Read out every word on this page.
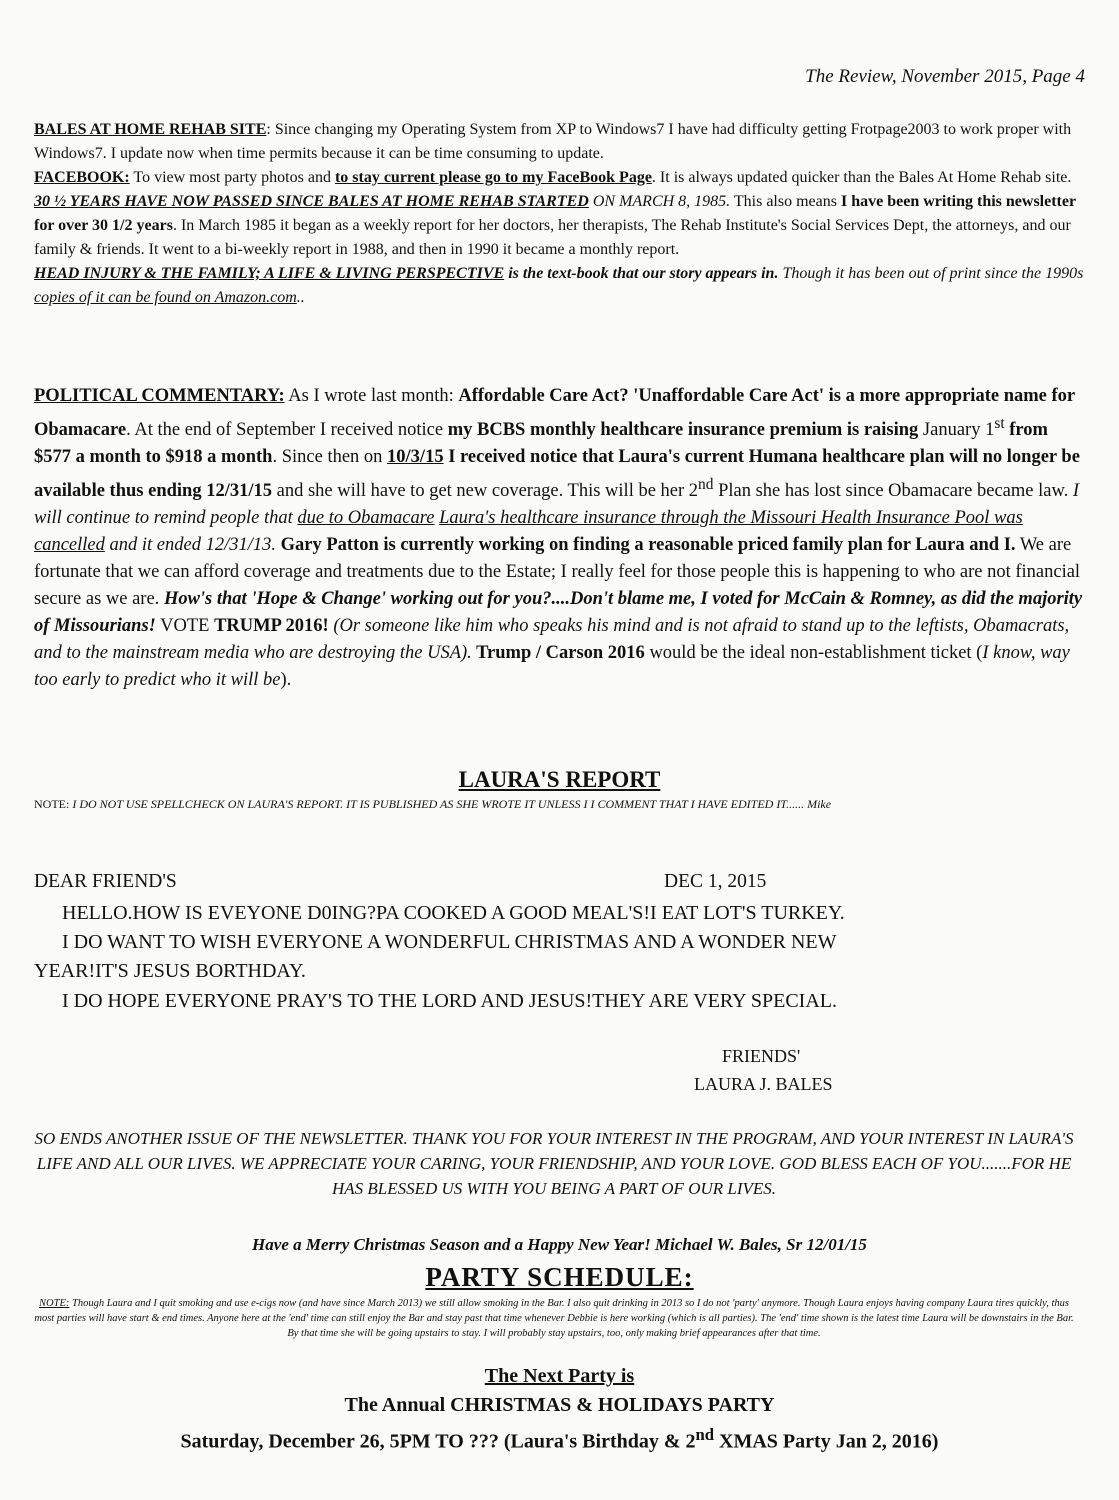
The Review, November 2015, Page 4
BALES AT HOME REHAB SITE: Since changing my Operating System from XP to Windows7 I have had difficulty getting Frotpage2003 to work proper with Windows7. I update now when time permits because it can be time consuming to update.
FACEBOOK: To view most party photos and to stay current please go to my FaceBook Page. It is always updated quicker than the Bales At Home Rehab site.
30 ½ YEARS HAVE NOW PASSED SINCE BALES AT HOME REHAB STARTED ON MARCH 8, 1985. This also means I have been writing this newsletter for over 30 1/2 years. In March 1985 it began as a weekly report for her doctors, her therapists, The Rehab Institute's Social Services Dept, the attorneys, and our family & friends. It went to a bi-weekly report in 1988, and then in 1990 it became a monthly report.
HEAD INJURY & THE FAMILY; A LIFE & LIVING PERSPECTIVE is the text-book that our story appears in. Though it has been out of print since the 1990s copies of it can be found on Amazon.com..
POLITICAL COMMENTARY: As I wrote last month: Affordable Care Act? 'Unaffordable Care Act' is a more appropriate name for Obamacare. At the end of September I received notice my BCBS monthly healthcare insurance premium is raising January 1st from $577 a month to $918 a month. Since then on 10/3/15 I received notice that Laura's current Humana healthcare plan will no longer be available thus ending 12/31/15 and she will have to get new coverage. This will be her 2nd Plan she has lost since Obamacare became law. I will continue to remind people that due to Obamacare Laura's healthcare insurance through the Missouri Health Insurance Pool was cancelled and it ended 12/31/13. Gary Patton is currently working on finding a reasonable priced family plan for Laura and I. We are fortunate that we can afford coverage and treatments due to the Estate; I really feel for those people this is happening to who are not financial secure as we are. How's that 'Hope & Change' working out for you?....Don't blame me, I voted for McCain & Romney, as did the majority of Missourians! VOTE TRUMP 2016! (Or someone like him who speaks his mind and is not afraid to stand up to the leftists, Obamacrats, and to the mainstream media who are destroying the USA). Trump / Carson 2016 would be the ideal non-establishment ticket (I know, way too early to predict who it will be).
LAURA'S REPORT
NOTE: I DO NOT USE SPELLCHECK ON LAURA'S REPORT. IT IS PUBLISHED AS SHE WROTE IT UNLESS I I COMMENT THAT I HAVE EDITED IT...... Mike
DEAR FRIEND'S	DEC 1, 2015
HELLO.HOW IS EVEYONE D0ING?PA COOKED A GOOD MEAL'S!I EAT LOT'S TURKEY.
I DO WANT TO WISH EVERYONE A WONDERFUL CHRISTMAS AND A WONDER NEW
YEAR!IT'S JESUS BORTHDAY.
I DO HOPE EVERYONE PRAY'S TO THE LORD AND JESUS!THEY ARE VERY SPECIAL.
FRIENDS'
LAURA J. BALES
SO ENDS ANOTHER ISSUE OF THE NEWSLETTER. THANK YOU FOR YOUR INTEREST IN THE PROGRAM, AND YOUR INTEREST IN LAURA'S LIFE AND ALL OUR LIVES. WE APPRECIATE YOUR CARING, YOUR FRIENDSHIP, AND YOUR LOVE. GOD BLESS EACH OF YOU.......FOR HE HAS BLESSED US WITH YOU BEING A PART OF OUR LIVES.
Have a Merry Christmas Season and a Happy New Year! Michael W. Bales, Sr 12/01/15
PARTY SCHEDULE:
NOTE: Though Laura and I quit smoking and use e-cigs now (and have since March 2013) we still allow smoking in the Bar. I also quit drinking in 2013 so I do not 'party' anymore. Though Laura enjoys having company Laura tires quickly, thus most parties will have start & end times. Anyone here at the 'end' time can still enjoy the Bar and stay past that time whenever Debbie is here working (which is all parties). The 'end' time shown is the latest time Laura will be downstairs in the Bar. By that time she will be going upstairs to stay. I will probably stay upstairs, too, only making brief appearances after that time.
The Next Party is
The Annual CHRISTMAS & HOLIDAYS PARTY
Saturday, December 26, 5PM TO ??? (Laura's Birthday & 2nd XMAS Party Jan 2, 2016)
